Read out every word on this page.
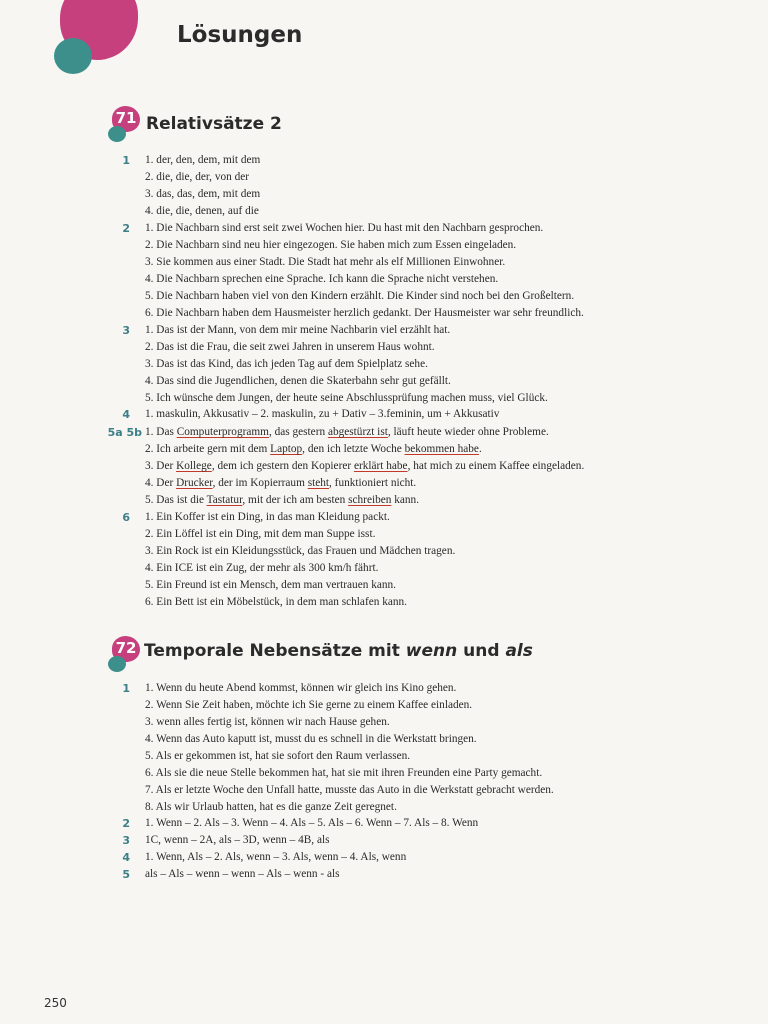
Lösungen
71 Relativsätze 2
1 1. der, den, dem, mit dem
2. die, die, der, von der
3. das, das, dem, mit dem
4. die, die, denen, auf die
2 1. Die Nachbarn sind erst seit zwei Wochen hier. Du hast mit den Nachbarn gesprochen.
2. Die Nachbarn sind neu hier eingezogen. Sie haben mich zum Essen eingeladen.
3. Sie kommen aus einer Stadt. Die Stadt hat mehr als elf Millionen Einwohner.
4. Die Nachbarn sprechen eine Sprache. Ich kann die Sprache nicht verstehen.
5. Die Nachbarn haben viel von den Kindern erzählt. Die Kinder sind noch bei den Großeltern.
6. Die Nachbarn haben dem Hausmeister herzlich gedankt. Der Hausmeister war sehr freundlich.
3 1. Das ist der Mann, von dem mir meine Nachbarin viel erzählt hat.
2. Das ist die Frau, die seit zwei Jahren in unserem Haus wohnt.
3. Das ist das Kind, das ich jeden Tag auf dem Spielplatz sehe.
4. Das sind die Jugendlichen, denen die Skaterbahn sehr gut gefällt.
5. Ich wünsche dem Jungen, der heute seine Abschlussprüfung machen muss, viel Glück.
4 1. maskulin, Akkusativ – 2. maskulin, zu + Dativ – 3.feminin, um + Akkusativ
5a 5b 1. Das Computerprogramm, das gestern abgestürzt ist, läuft heute wieder ohne Probleme.
2. Ich arbeite gern mit dem Laptop, den ich letzte Woche bekommen habe.
3. Der Kollege, dem ich gestern den Kopierer erklärt habe, hat mich zu einem Kaffee eingeladen.
4. Der Drucker, der im Kopierraum steht, funktioniert nicht.
5. Das ist die Tastatur, mit der ich am besten schreiben kann.
6 1. Ein Koffer ist ein Ding, in das man Kleidung packt.
2. Ein Löffel ist ein Ding, mit dem man Suppe isst.
3. Ein Rock ist ein Kleidungsstück, das Frauen und Mädchen tragen.
4. Ein ICE ist ein Zug, der mehr als 300 km/h fährt.
5. Ein Freund ist ein Mensch, dem man vertrauen kann.
6. Ein Bett ist ein Möbelstück, in dem man schlafen kann.
72 Temporale Nebensätze mit wenn und als
1 1. Wenn du heute Abend kommst, können wir gleich ins Kino gehen.
2. Wenn Sie Zeit haben, möchte ich Sie gerne zu einem Kaffee einladen.
3. wenn alles fertig ist, können wir nach Hause gehen.
4. Wenn das Auto kaputt ist, musst du es schnell in die Werkstatt bringen.
5. Als er gekommen ist, hat sie sofort den Raum verlassen.
6. Als sie die neue Stelle bekommen hat, hat sie mit ihren Freunden eine Party gemacht.
7. Als er letzte Woche den Unfall hatte, musste das Auto in die Werkstatt gebracht werden.
8. Als wir Urlaub hatten, hat es die ganze Zeit geregnet.
2 1. Wenn – 2. Als – 3. Wenn – 4. Als – 5. Als – 6. Wenn – 7. Als – 8. Wenn
3 1C, wenn – 2A, als – 3D, wenn – 4B, als
4 1. Wenn, Als – 2. Als, wenn – 3. Als, wenn – 4. Als, wenn
5 als – Als – wenn – wenn – Als – wenn - als
250
